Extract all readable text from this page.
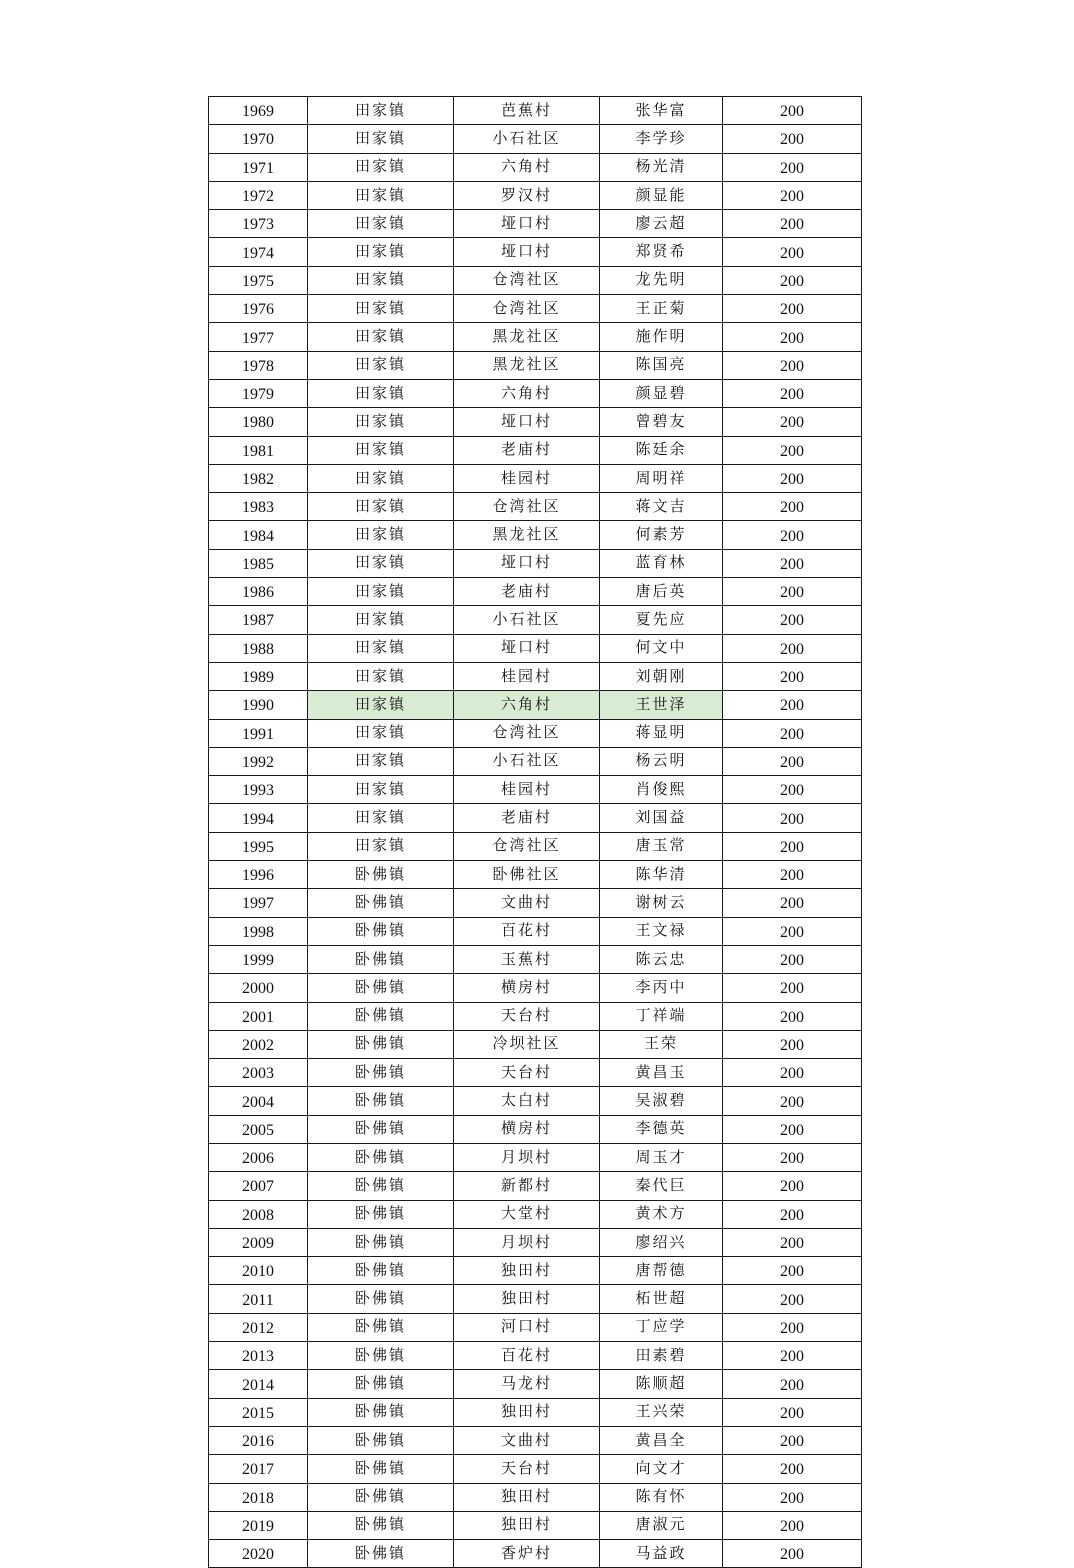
1969	田家镇	芭蕉村	张华富	200
1970	田家镇	小石社区	李学珍	200
1971	田家镇	六角村	杨光清	200
1972	田家镇	罗汉村	颜显能	200
1973	田家镇	垭口村	廖云超	200
1974	田家镇	垭口村	郑贤希	200
1975	田家镇	仓湾社区	龙先明	200
1976	田家镇	仓湾社区	王正菊	200
1977	田家镇	黑龙社区	施作明	200
1978	田家镇	黑龙社区	陈国亮	200
1979	田家镇	六角村	颜显碧	200
1980	田家镇	垭口村	曾碧友	200
1981	田家镇	老庙村	陈廷余	200
1982	田家镇	桂园村	周明祥	200
1983	田家镇	仓湾社区	蒋文吉	200
1984	田家镇	黑龙社区	何素芳	200
1985	田家镇	垭口村	蓝育林	200
1986	田家镇	老庙村	唐后英	200
1987	田家镇	小石社区	夏先应	200
1988	田家镇	垭口村	何文中	200
1989	田家镇	桂园村	刘朝刚	200
1990	田家镇	六角村	王世泽	200
1991	田家镇	仓湾社区	蒋显明	200
1992	田家镇	小石社区	杨云明	200
1993	田家镇	桂园村	肖俊熙	200
1994	田家镇	老庙村	刘国益	200
1995	田家镇	仓湾社区	唐玉常	200
1996	卧佛镇	卧佛社区	陈华清	200
1997	卧佛镇	文曲村	谢树云	200
1998	卧佛镇	百花村	王文禄	200
1999	卧佛镇	玉蕉村	陈云忠	200
2000	卧佛镇	横房村	李丙中	200
2001	卧佛镇	天台村	丁祥端	200
2002	卧佛镇	冷坝社区	王荣	200
2003	卧佛镇	天台村	黄昌玉	200
2004	卧佛镇	太白村	吴淑碧	200
2005	卧佛镇	横房村	李德英	200
2006	卧佛镇	月坝村	周玉才	200
2007	卧佛镇	新都村	秦代巨	200
2008	卧佛镇	大堂村	黄术方	200
2009	卧佛镇	月坝村	廖绍兴	200
2010	卧佛镇	独田村	唐帮德	200
2011	卧佛镇	独田村	柘世超	200
2012	卧佛镇	河口村	丁应学	200
2013	卧佛镇	百花村	田素碧	200
2014	卧佛镇	马龙村	陈顺超	200
2015	卧佛镇	独田村	王兴荣	200
2016	卧佛镇	文曲村	黄昌全	200
2017	卧佛镇	天台村	向文才	200
2018	卧佛镇	独田村	陈有怀	200
2019	卧佛镇	独田村	唐淑元	200
2020	卧佛镇	香炉村	马益政	200
